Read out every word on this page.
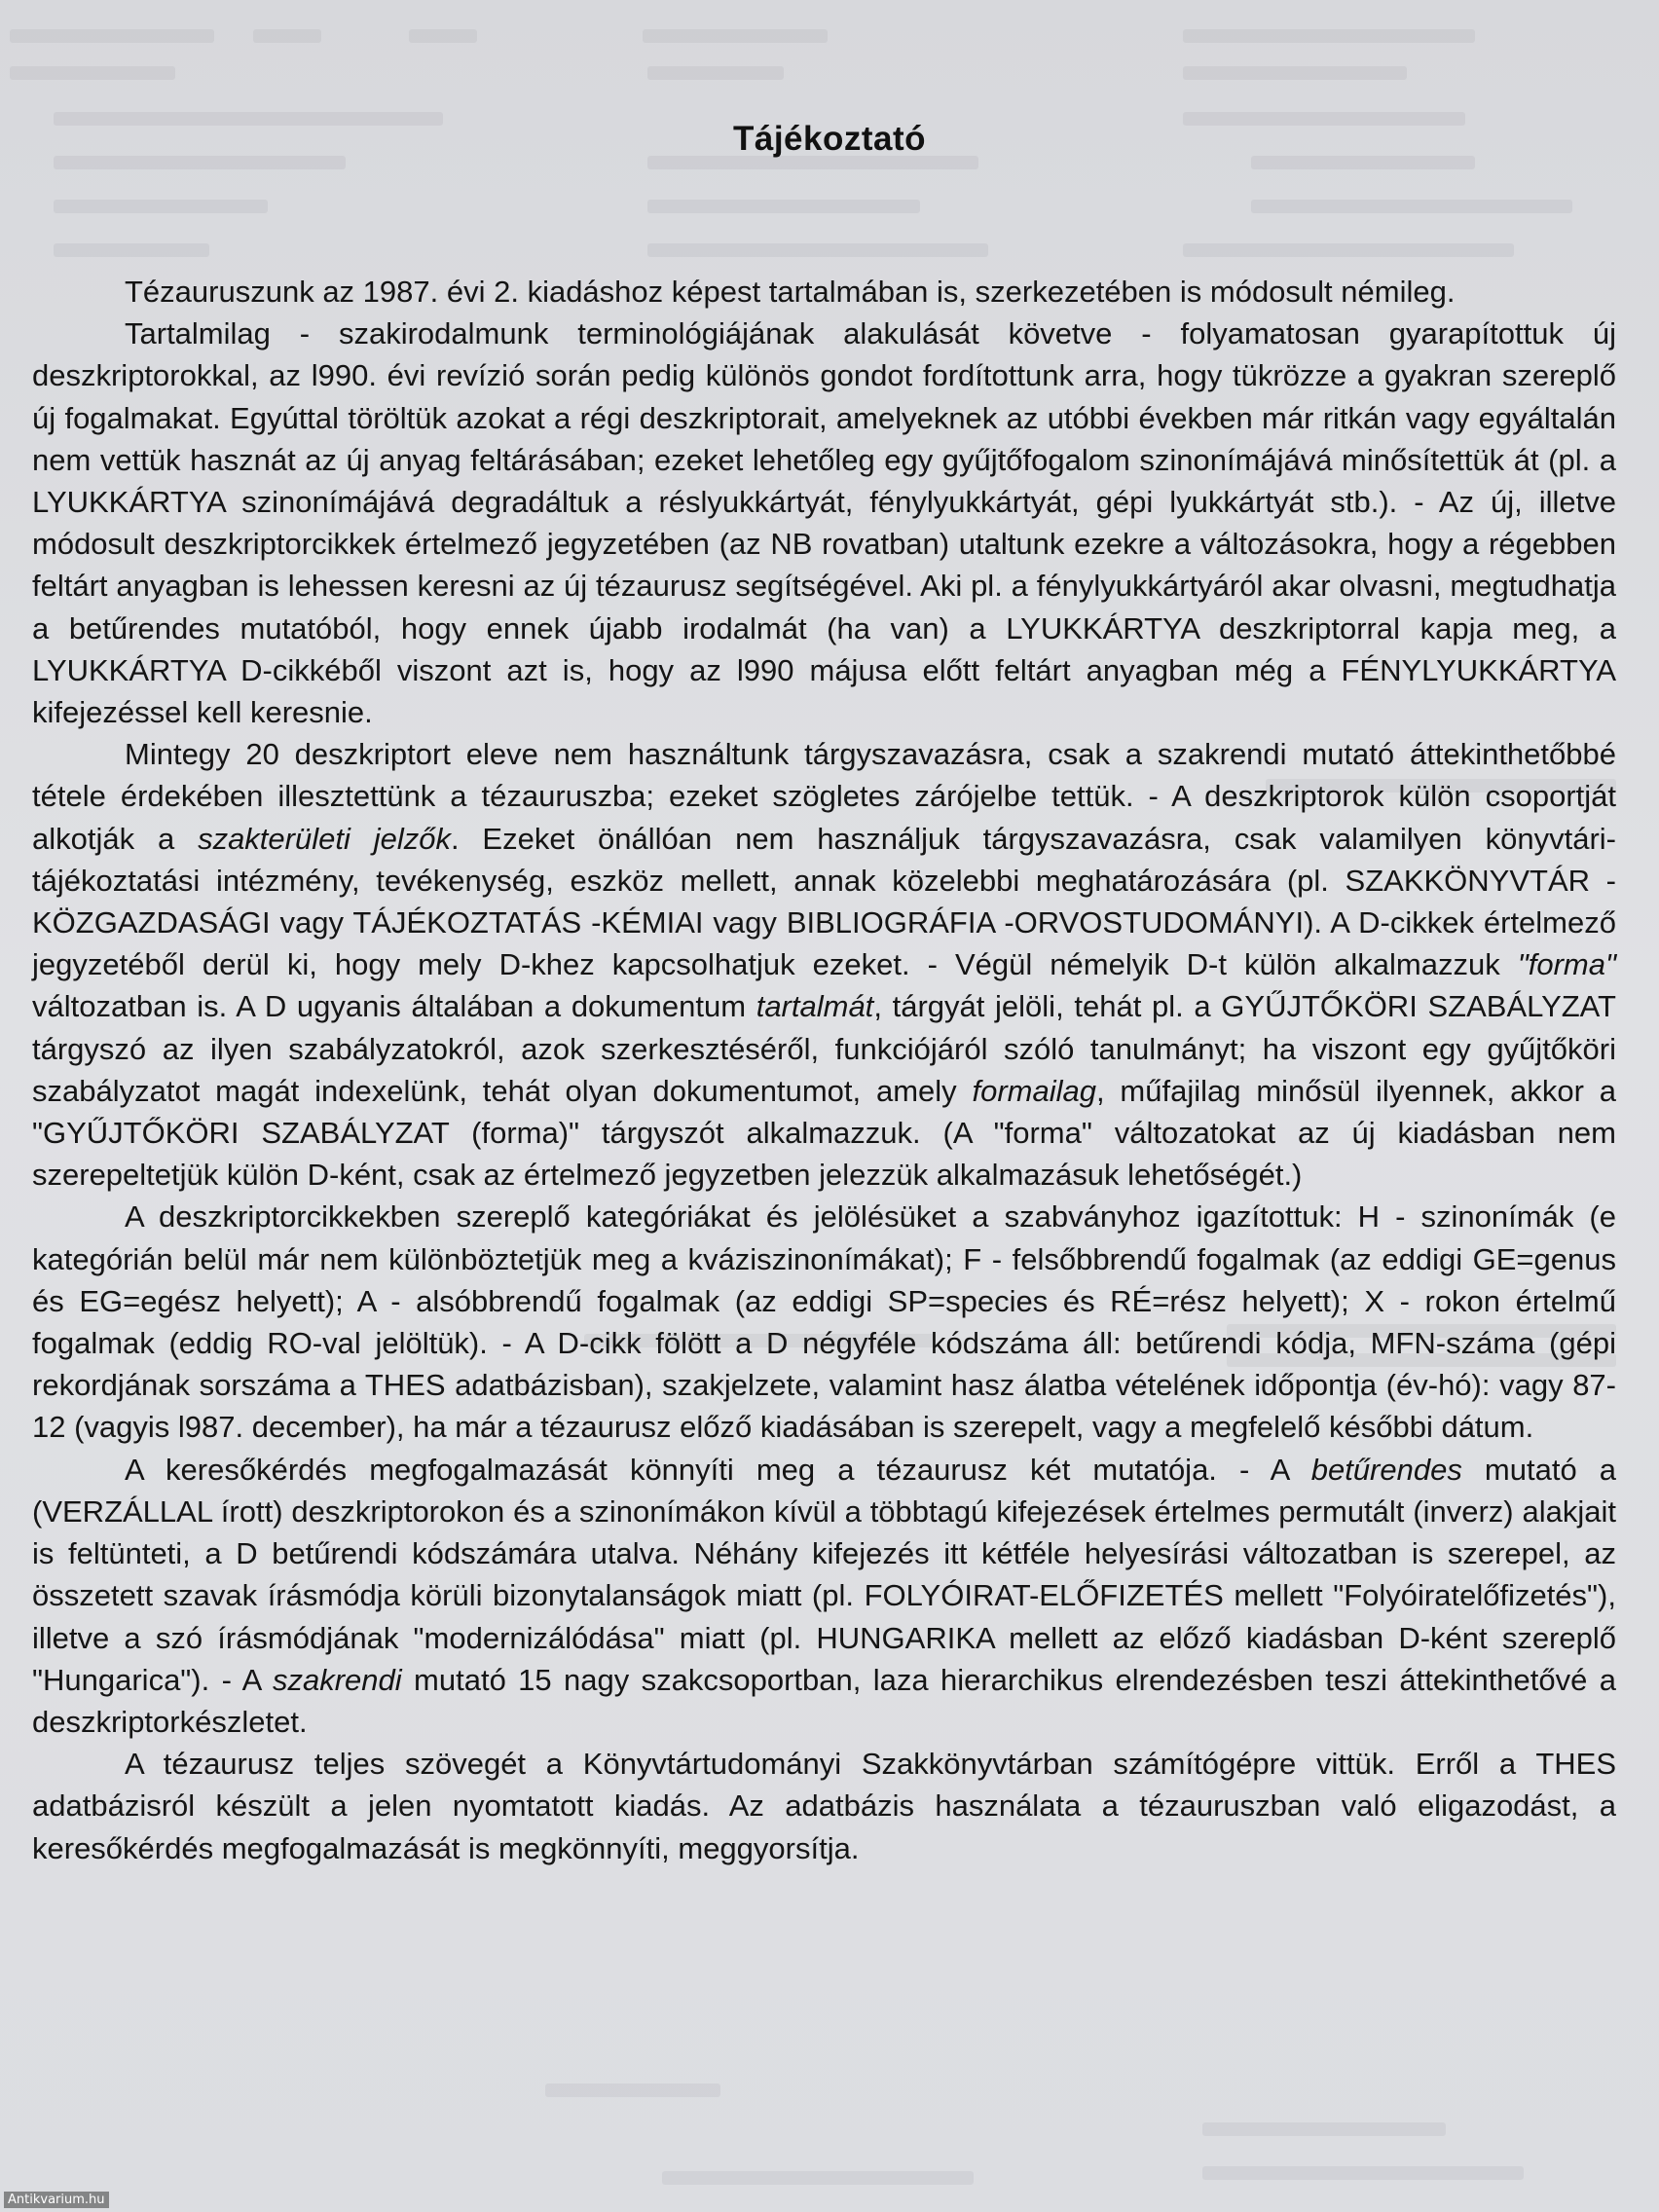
Tájékoztató

Tézauruszunk az 1987. évi 2. kiadáshoz képest tartalmában is, szerkezetében is módosult némileg.

Tartalmilag - szakirodalmunk terminológiájának alakulását követve - folyamatosan gyarapítottuk új deszkriptorokkal, az l990. évi revízió során pedig különös gondot fordítottunk arra, hogy tükrözze a gyakran szereplő új fogalmakat. Egyúttal töröltük azokat a régi deszkriptorait, amelyeknek az utóbbi években már ritkán vagy egyáltalán nem vettük hasznát az új anyag feltárásában; ezeket lehetőleg egy gyűjtőfogalom szinonímájává minősítettük át (pl. a LYUKKÁRTYA szinonímájává degradáltuk a réslyukkártyát, fénylyukkártyát, gépi lyukkártyát stb.). - Az új, illetve módosult deszkriptorcikkek értelmező jegyzetében (az NB rovatban) utaltunk ezekre a változásokra, hogy a régebben feltárt anyagban is lehessen keresni az új tézaurusz segítségével. Aki pl. a fénylyukkártyáról akar olvasni, megtudhatja a betűrendes mutatóból, hogy ennek újabb irodalmát (ha van) a LYUKKÁRTYA deszkriptorral kapja meg, a LYUKKÁRTYA D-cikkéből viszont azt is, hogy az l990 májusa előtt feltárt anyagban még a FÉNYLYUKKÁRTYA kifejezéssel kell keresnie.

Mintegy 20 deszkriptort eleve nem használtunk tárgyszavazásra, csak a szakrendi mutató áttekinthetőbbé tétele érdekében illesztettünk a tézauruszba; ezeket szögletes zárójelbe tettük. - A deszkriptorok külön csoportját alkotják a szakterületi jelzők. Ezeket önállóan nem használjuk tárgyszavazásra, csak valamilyen könyvtári-tájékoztatási intézmény, tevékenység, eszköz mellett, annak közelebbi meghatározására (pl. SZAKKÖNYVTÁR -KÖZGAZDASÁGI vagy TÁJÉKOZTATÁS -KÉMIAI vagy BIBLIOGRÁFIA -ORVOSTUDOMÁNYI). A D-cikkek értelmező jegyzetéből derül ki, hogy mely D-khez kapcsolhatjuk ezeket. - Végül némelyik D-t külön alkalmazzuk "forma" változatban is. A D ugyanis általában a dokumentum tartalmát, tárgyát jelöli, tehát pl. a GYŰJTŐKÖRI SZABÁLYZAT tárgyszó az ilyen szabályzatokról, azok szerkesztéséről, funkciójáról szóló tanulmányt; ha viszont egy gyűjtőköri szabályzatot magát indexelünk, tehát olyan dokumentumot, amely formailag, műfajilag minősül ilyennek, akkor a "GYŰJTŐKÖRI SZABÁLYZAT (forma)" tárgyszót alkalmazzuk. (A "forma" változatokat az új kiadásban nem szerepeltetjük külön D-ként, csak az értelmező jegyzetben jelezzük alkalmazásuk lehetőségét.)

A deszkriptorcikkekben szereplő kategóriákat és jelölésüket a szabványhoz igazítottuk: H - szinonímák (e kategórián belül már nem különböztetjük meg a kváziszinonímákat); F - felsőbbrendű fogalmak (az eddigi GE=genus és EG=egész helyett); A - alsóbbrendű fogalmak (az eddigi SP=species és RÉ=rész helyett); X - rokon értelmű fogalmak (eddig RO-val jelöltük). - A D-cikk fölött a D négyféle kódszáma áll: betűrendi kódja, MFN-száma (gépi rekordjának sorszáma a THES adatbázisban), szakjelzete, valamint hasz álatba vételének időpontja (év-hó): vagy 87-12 (vagyis l987. december), ha már a tézaurusz előző kiadásában is szerepelt, vagy a megfelelő későbbi dátum.

A keresőkérdés megfogalmazását könnyíti meg a tézaurusz két mutatója. - A betűrendes mutató a (VERZÁLLAL írott) deszkriptorokon és a szinonímákon kívül a többtagú kifejezések értelmes permutált (inverz) alakjait is feltünteti, a D betűrendi kódszámára utalva. Néhány kifejezés itt kétféle helyesírási változatban is szerepel, az összetett szavak írásmódja körüli bizonytalanságok miatt (pl. FOLYÓIRAT-ELŐFIZETÉS mellett "Folyóiratelőfizetés"), illetve a szó írásmódjának "modernizálódása" miatt (pl. HUNGARIKA mellett az előző kiadásban D-ként szereplő "Hungarica"). - A szakrendi mutató 15 nagy szakcsoportban, laza hierarchikus elrendezésben teszi áttekinthetővé a deszkriptorkészletet.

A tézaurusz teljes szövegét a Könyvtártudományi Szakkönyvtárban számítógépre vittük. Erről a THES adatbázisról készült a jelen nyomtatott kiadás. Az adatbázis használata a tézauruszban való eligazodást, a keresőkérdés megfogalmazását is megkönnyíti, meggyorsítja.

Antikvarium.hu
